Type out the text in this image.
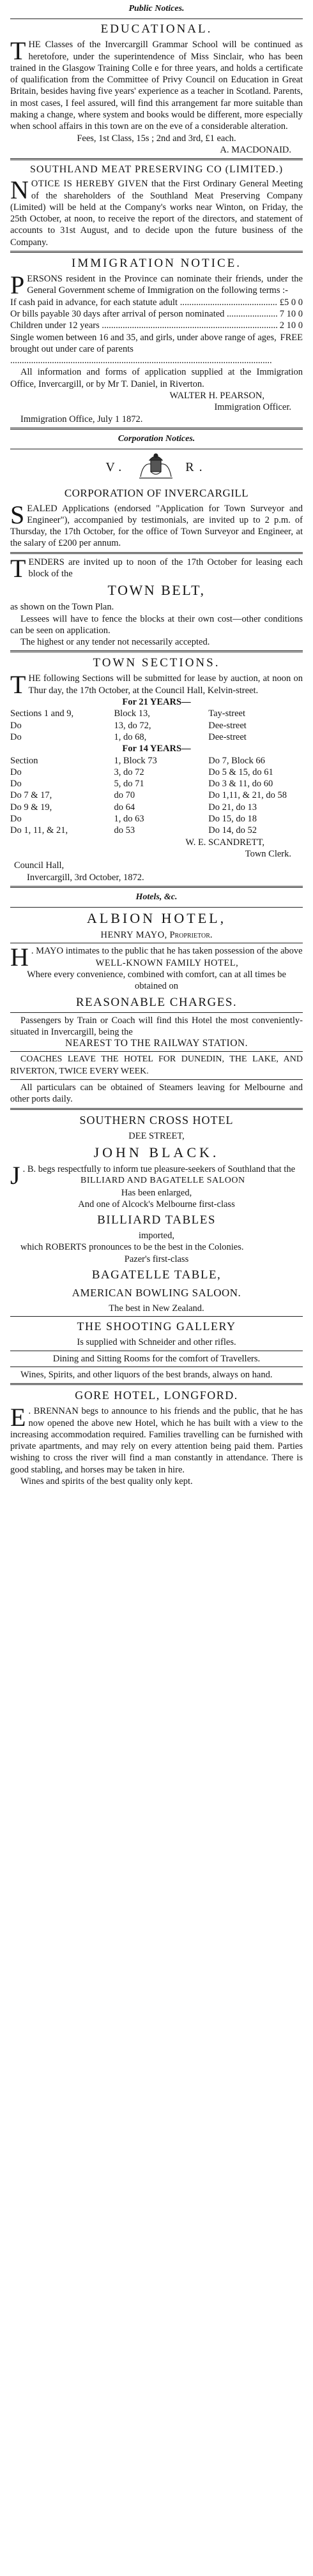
Public Notices.
EDUCATIONAL.

THE Classes of the Invercargill Grammar School will be continued as heretofore, under the superintendence of Miss Sinclair, who has been trained in the Glasgow Training Colle e for three years, and holds a certificate of qualification from the Committee of Privy Council on Education in Great Britain, besides having five years' experience as a teacher in Scotland. Parents, in most cases, I feel assured, will find this arrangement far more suitable than making a change, where system and books would be different, more especially when school affairs in this town are on the eve of a considerable alteration.

Fees, 1st Class, 15s ; 2nd and 3rd, £1 each.
A. MACDONAID.
SOUTHLAND MEAT PRESERVING CO (LIMITED.)

NOTICE IS HEREBY GIVEN that the First Ordinary General Meeting of the shareholders of the Southland Meat Preserving Company (Limited) will be held at the Company's works near Winton, on Friday, the 25th October, at noon, to receive the report of the directors, and statement of accounts to 31st August, and to decide upon the future business of the Company.

IMMIGRATION NOTICE.

PERSONS resident in the Province can nominate their friends, under the General Government scheme of Immigration on the following terms :-

If cash paid in advance, for each statute adult .....	£5 0 0
Or bills payable 30 days after arrival of person nominated .....	7 10 0
Children under 12 years .....	2 10 0
Single women between 16 and 35, and girls, under above range of ages, brought out under care of parents .....
FREE

All information and forms of application supplied at the Immigration Office, Invercargill, or by Mr T. Daniel, in Riverton.

WALTER H. PEARSON,
Immigration Officer.
Immigration Office, July 1 1872.
Corporation Notices.
V.	R.
CORPORATION OF INVERCARGILL

SEALED Applications (endorsed "Application for Town Surveyor and Engineer"), accompanied by testimonials, are invited up to 2 p.m. of Thursday, the 17th October, for the office of Town Surveyor and Engineer, at the salary of £200 per annum.

TENDERS are invited up to noon of the 17th October for leasing each block of the

TOWN BELT,
as shown on the Town Plan.

Lessees will have to fence the blocks at their own cost—other conditions can be seen on application.

The highest or any tender not necessarily accepted.

TOWN SECTIONS.

THE following Sections will be submitted for lease by auction, at noon on Thur day, the 17th October, at the Council Hall, Kelvin-street.

For 21 YEARS—
Sections 1 and 9,	Block 13,	Tay-street
Do	13, do 72,	Dee-street
Do	1, do 68,	Dee-street
For 14 YEARS—
Section	1, Block 73	Do 7, Block 66
Do	3, do 72	Do 5 & 15, do 61
Do	5, do 71	Do 3 & 11, do 60
Do 7 & 17,	do 70	Do 1,11, & 21, do 58
Do 9 & 19,	do 64	Do 21, do 13
Do	1, do 63	Do 15, do 18
Do 1, 11, & 21,	do 53	Do 14, do 52
W. E. SCANDRETT,
Town Clerk.
Council Hall,
Invercargill, 3rd October, 1872.
Hotels, &c.
ALBION HOTEL,
HENRY MAYO, Proprietor.

H . MAYO intimates to the public that he has taken possession of the above

WELL-KNOWN FAMILY HOTEL,
Where every convenience, combined with comfort, can at all times be obtained on
REASONABLE CHARGES.

Passengers by Train or Coach will find this Hotel the most conveniently-situated in Invercargill, being the

NEAREST TO THE RAILWAY STATION.

COACHES LEAVE THE HOTEL FOR DUNEDIN, THE LAKE, AND RIVERTON, TWICE EVERY WEEK.

All particulars can be obtained of Steamers leaving for Melbourne and other ports daily.

SOUTHERN CROSS HOTEL
DEE STREET,
JOHN BLACK.

J . B. begs respectfully to inform tue pleasure-seekers of Southland that the

BILLIARD AND BAGATELLE SALOON
Has been enlarged,
And one of Alcock's Melbourne first-class
BILLIARD TABLES
imported,

which ROBERTS pronounces to be the best in the Colonies.

Pazer's first-class
BAGATELLE TABLE,
AMERICAN BOWLING SALOON.
The best in New Zealand.
THE SHOOTING GALLERY
Is supplied with Schneider and other rifles.
Dining and Sitting Rooms for the comfort of Travellers.

Wines, Spirits, and other liquors of the best brands, always on hand.

GORE HOTEL, LONGFORD.

E . BRENNAN begs to announce to his friends and the public, that he has now opened the above new Hotel, which he has built with a view to the increasing accommodation required. Families travelling can be furnished with private apartments, and may rely on every attention being paid them. Parties wishing to cross the river will find a man constantly in attendance. There is good stabling, and horses may be taken in hire.

Wines and spirits of the best quality only kept.
